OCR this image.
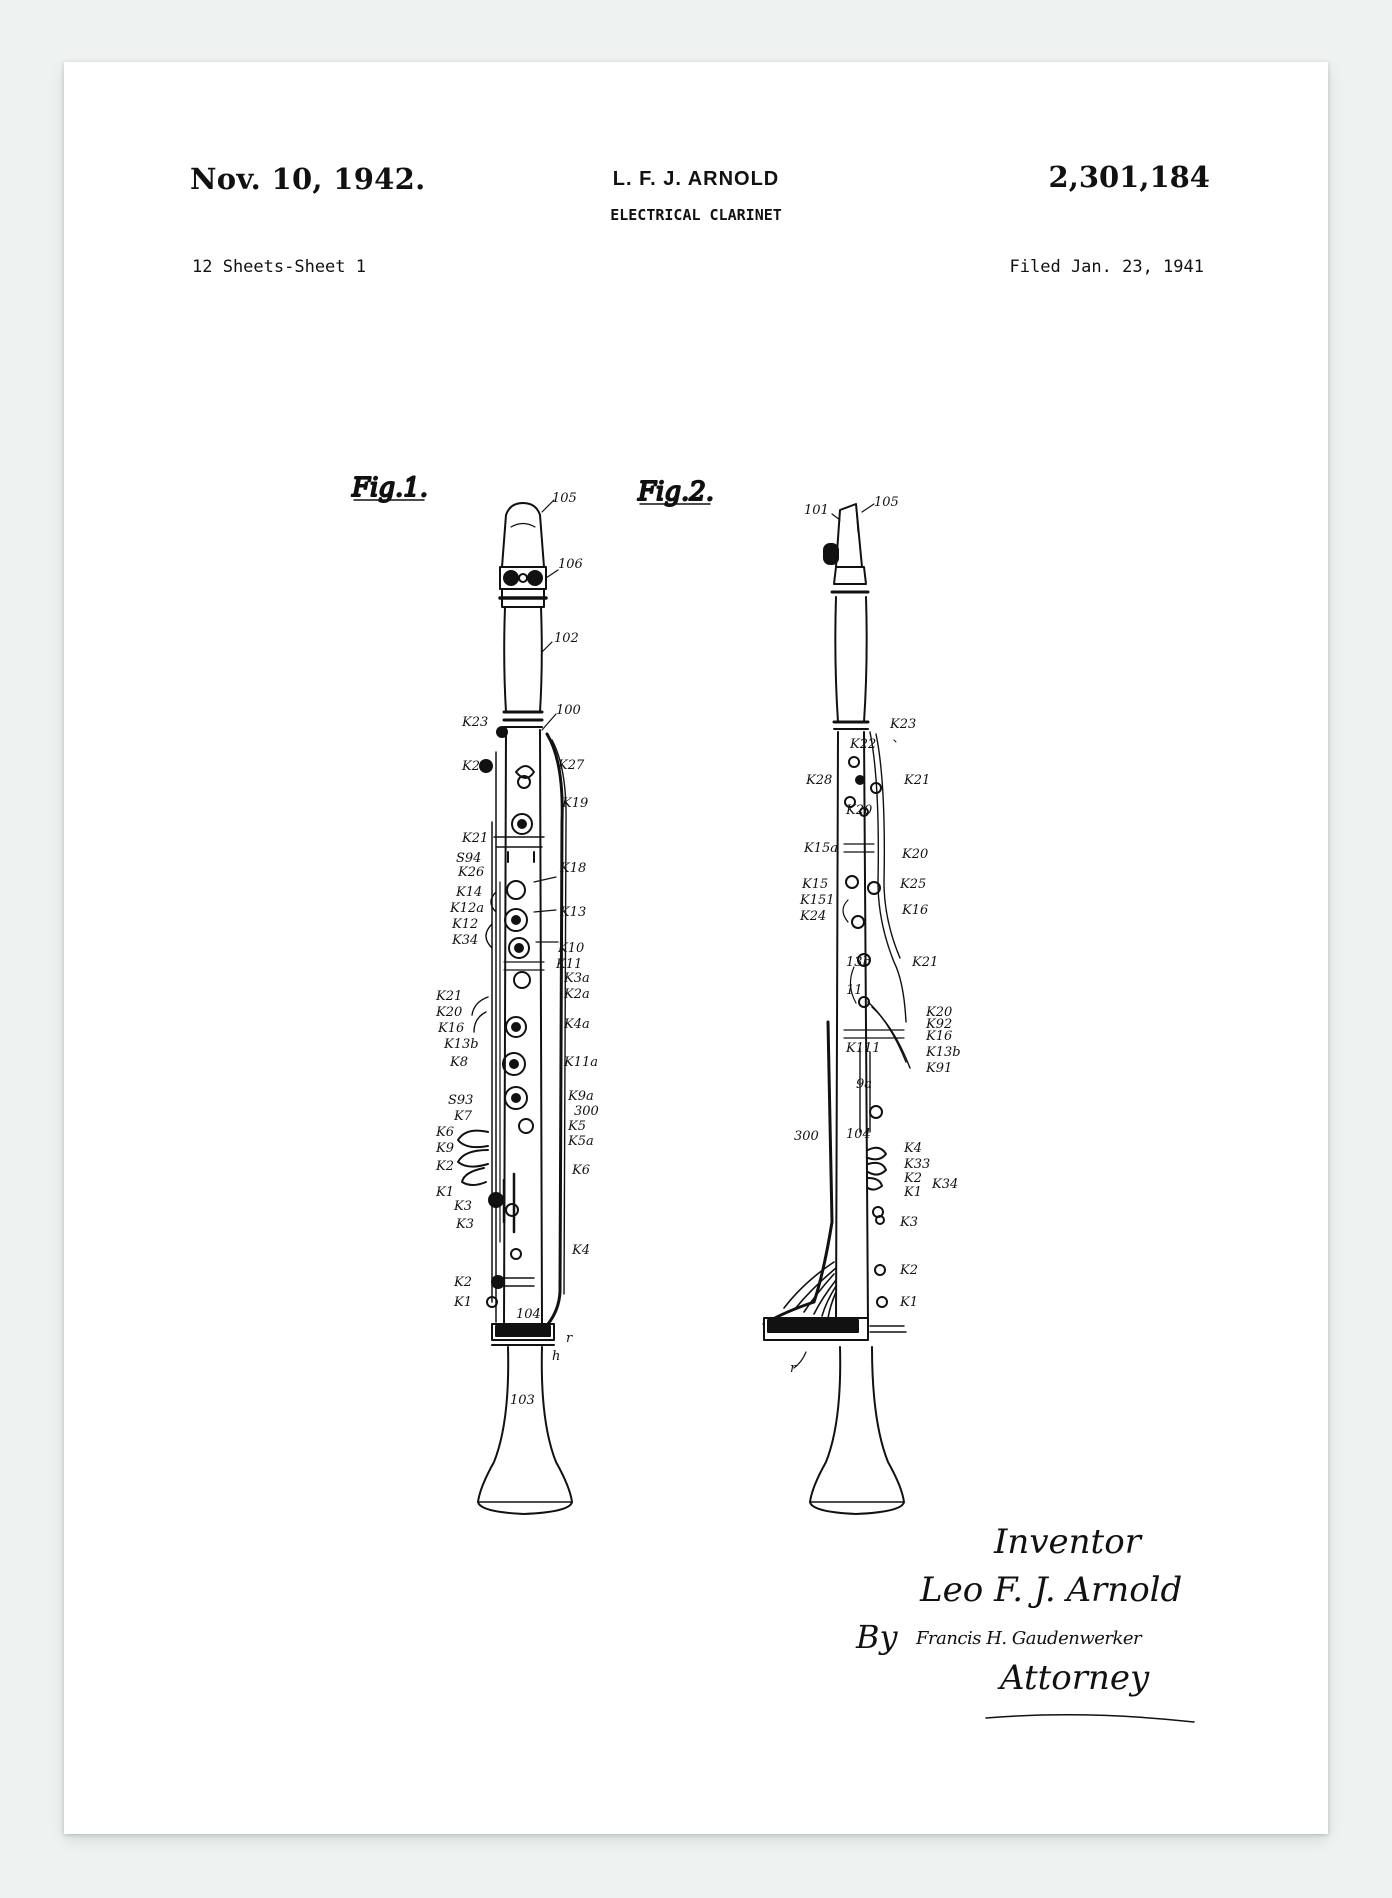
Nov. 10, 1942.	L. F. J. ARNOLD	2,301,184
ELECTRICAL CLARINET
12 Sheets-Sheet 1	Filed Jan. 23, 1941
Fig.1.	Fig.2.
105
106
102
100
K23
K21	K27
K19
K21
S94
K26	K18
K14
K12a	K13
K12
K34
K10
K11
K3a
K2a
K21
K20
K16	K4a
K13b
K8	K11a
K9a
S93
300
K7
K5
K5a
K6
K9
K2	K6
K1
K3
K3
K4
K2
K1
104
r
h
103
101
105
K23
K22
K28	K21
K20
K15a	K20
K15	K25
K151
K24	K16
13b	K21
11
K20
K92
K16
K111	K13b
K91
9a
300 104
K4
K33
K2 K34
K1
K3
K2
K1
r
Inventor
Leo F. J. Arnold
By Francis H. Gaudenwerker
Attorney
